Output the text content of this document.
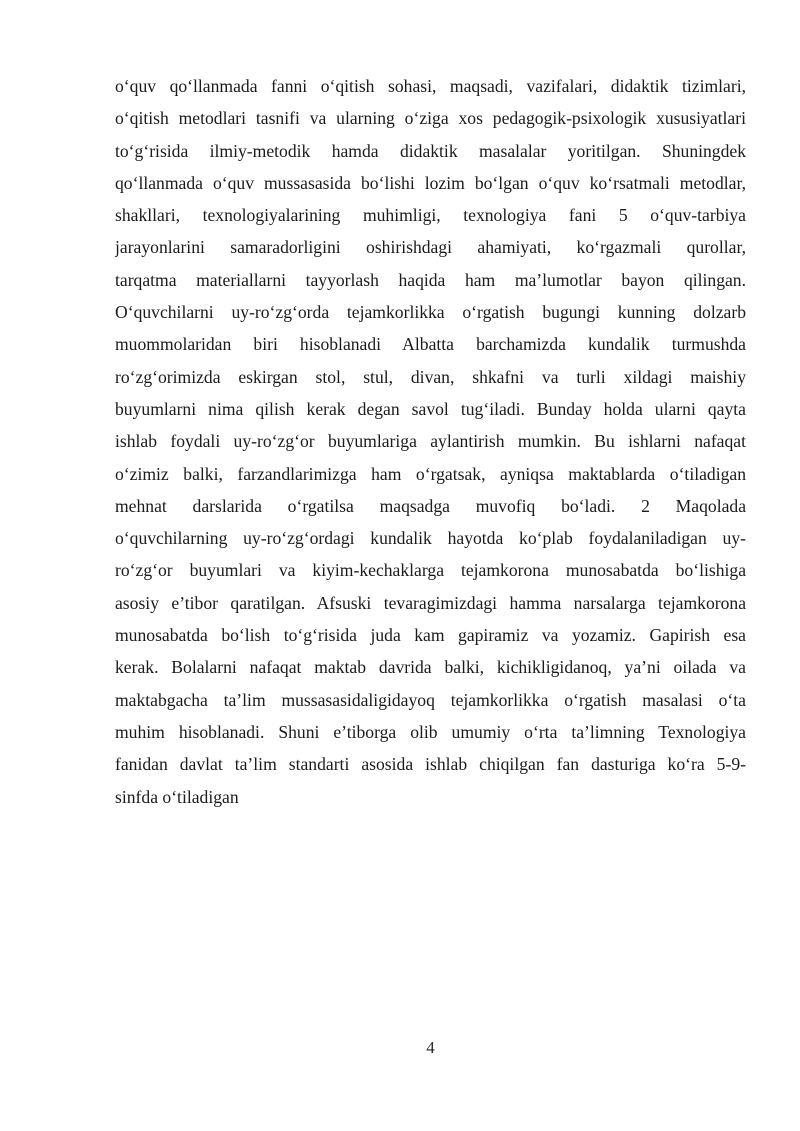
o‘quv qo‘llanmada fanni o‘qitish sohasi, maqsadi, vazifalari, didaktik tizimlari,
o‘qitish metodlari tasnifi va ularning o‘ziga xos pedagogik-psixologik xususiyatlari
to‘g‘risida ilmiy-metodik hamda didaktik masalalar yoritilgan. Shuningdek
qo‘llanmada o‘quv mussasasida bo‘lishi lozim bo‘lgan o‘quv ko‘rsatmali metodlar,
shakllari, texnologiyalarining muhimligi, texnologiya fani 5 o‘quv-tarbiya
jarayonlarini samaradorligini oshirishdagi ahamiyati, ko‘rgazmali qurollar,
tarqatma materiallarni tayyorlash haqida ham ma’lumotlar bayon qilingan.
O‘quvchilarni uy-ro‘zg‘orda tejamkorlikka o‘rgatish bugungi kunning dolzarb
muommolaridan biri hisoblanadi Albatta barchamizda kundalik turmushda
ro‘zg‘orimizda eskirgan stol, stul, divan, shkafni va turli xildagi maishiy
buyumlarni nima qilish kerak degan savol tug‘iladi. Bunday holda ularni qayta
ishlab foydali uy-ro‘zg‘or buyumlariga aylantirish mumkin. Bu ishlarni nafaqat
o‘zimiz balki, farzandlarimizga ham o‘rgatsak, ayniqsa maktablarda o‘tiladigan
mehnat darslarida o‘rgatilsa maqsadga muvofiq bo‘ladi. 2 Maqolada
o‘quvchilarning uy-ro‘zg‘ordagi kundalik hayotda ko‘plab foydalaniladigan uy-
ro‘zg‘or buyumlari va kiyim-kechaklarga tejamkorona munosabatda bo‘lishiga
asosiy e’tibor qaratilgan. Afsuski tevaragimizdagi hamma narsalarga tejamkorona
munosabatda bo‘lish to‘g‘risida juda kam gapiramiz va yozamiz. Gapirish esa
kerak. Bolalarni nafaqat maktab davrida balki, kichikligidanoq, ya’ni oilada va
maktabgacha ta’lim mussasasidaligidayoq tejamkorlikka o‘rgatish masalasi o‘ta
muhim hisoblanadi. Shuni e’tiborga olib umumiy o‘rta ta’limning Texnologiya
fanidan davlat ta’lim standarti asosida ishlab chiqilgan fan dasturiga ko‘ra 5-9-
sinfda o‘tiladigan
4
